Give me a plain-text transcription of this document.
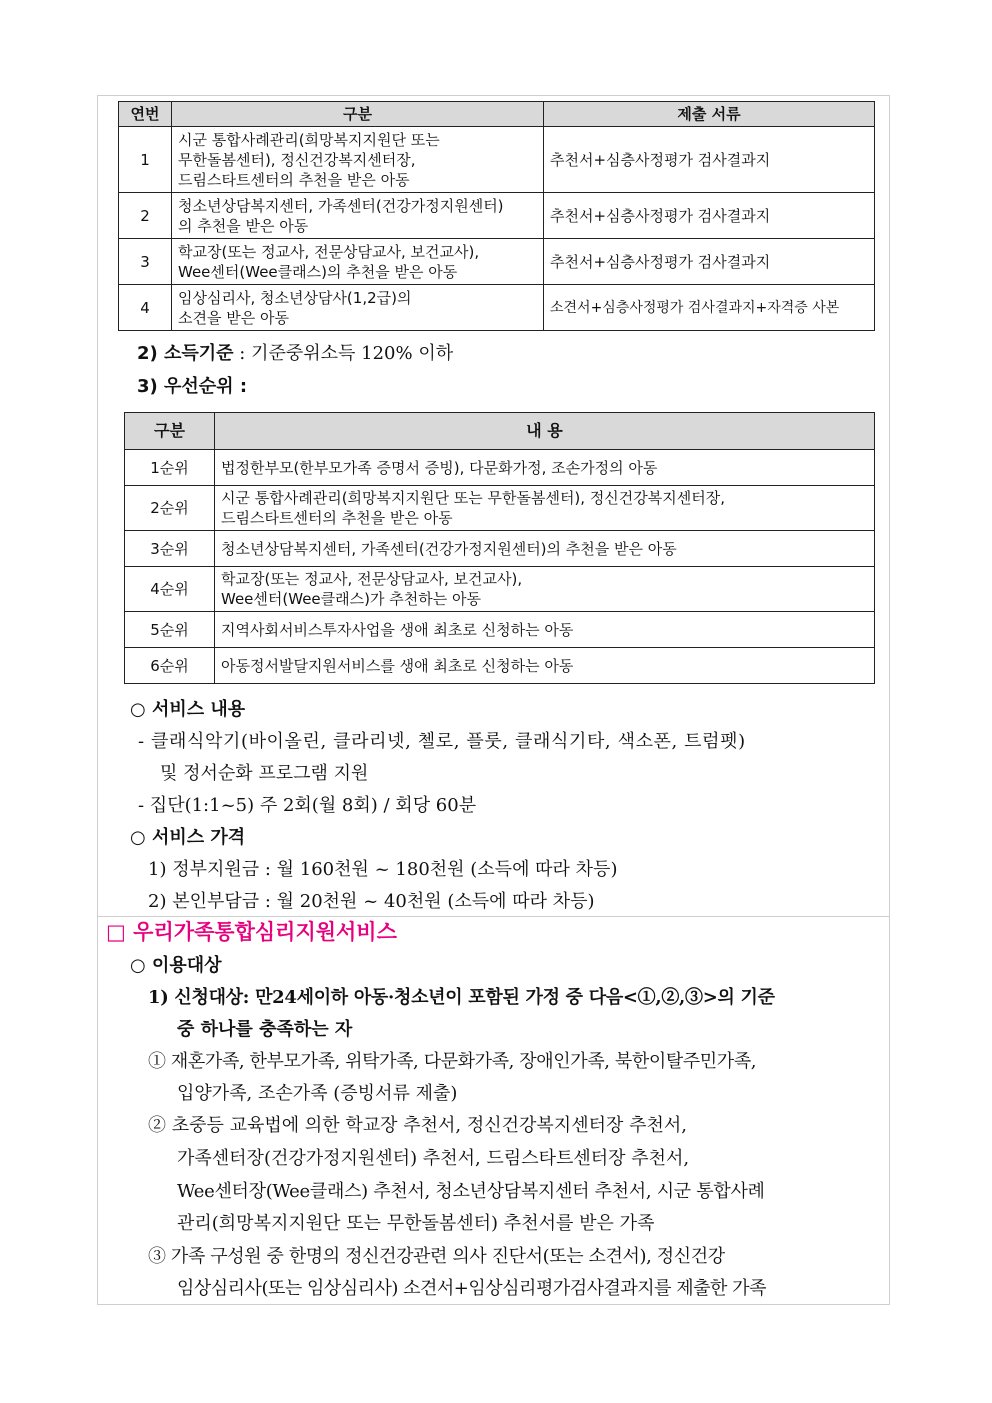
연번	구분	제출 서류
1	시군 통합사례관리(희망복지지원단 또는
무한돌봄센터), 정신건강복지센터장,
드림스타트센터의 추천을 받은 아동	추천서+심층사정평가 검사결과지
2	청소년상담복지센터, 가족센터(건강가정지원센터)
의 추천을 받은 아동	추천서+심층사정평가 검사결과지
3	학교장(또는 정교사, 전문상담교사, 보건교사),
Wee센터(Wee클래스)의 추천을 받은 아동	추천서+심층사정평가 검사결과지
4	임상심리사, 청소년상담사(1,2급)의
소견을 받은 아동	소견서+심층사정평가 검사결과지+자격증 사본
2) 소득기준 : 기준중위소득 120% 이하
3) 우선순위 :
구분	내 용
1순위	법정한부모(한부모가족 증명서 증빙), 다문화가정, 조손가정의 아동

2순위	시군 통합사례관리(희망복지지원단 또는 무한돌봄센터), 정신건강복지센터장,
드림스타트센터의 추천을 받은 아동

3순위	청소년상담복지센터, 가족센터(건강가정지원센터)의 추천을 받은 아동

4순위	학교장(또는 정교사, 전문상담교사, 보건교사),
Wee센터(Wee클래스)가 추천하는 아동

5순위	지역사회서비스투자사업을 생애 최초로 신청하는 아동

6순위	아동정서발달지원서비스를 생애 최초로 신청하는 아동
○ 서비스 내용
- 클래식악기(바이올린, 클라리넷, 첼로, 플룻, 클래식기타, 색소폰, 트럼펫)
및 정서순화 프로그램 지원
- 집단(1:1~5) 주 2회(월 8회) / 회당 60분
○ 서비스 가격
1) 정부지원금 : 월 160천원 ~ 180천원 (소득에 따라 차등)
2) 본인부담금 : 월 20천원 ~ 40천원 (소득에 따라 차등)
□ 우리가족통합심리지원서비스
○ 이용대상
1) 신청대상: 만24세이하 아동·청소년이 포함된 가정 중 다음<①,②,③>의 기준
중 하나를 충족하는 자
① 재혼가족, 한부모가족, 위탁가족, 다문화가족, 장애인가족, 북한이탈주민가족,
입양가족, 조손가족 (증빙서류 제출)
② 초중등 교육법에 의한 학교장 추천서, 정신건강복지센터장 추천서,
가족센터장(건강가정지원센터) 추천서, 드림스타트센터장 추천서,
Wee센터장(Wee클래스) 추천서, 청소년상담복지센터 추천서, 시군 통합사례
관리(희망복지지원단 또는 무한돌봄센터) 추천서를 받은 가족
③ 가족 구성원 중 한명의 정신건강관련 의사 진단서(또는 소견서), 정신건강
임상심리사(또는 임상심리사) 소견서+임상심리평가검사결과지를 제출한 가족
